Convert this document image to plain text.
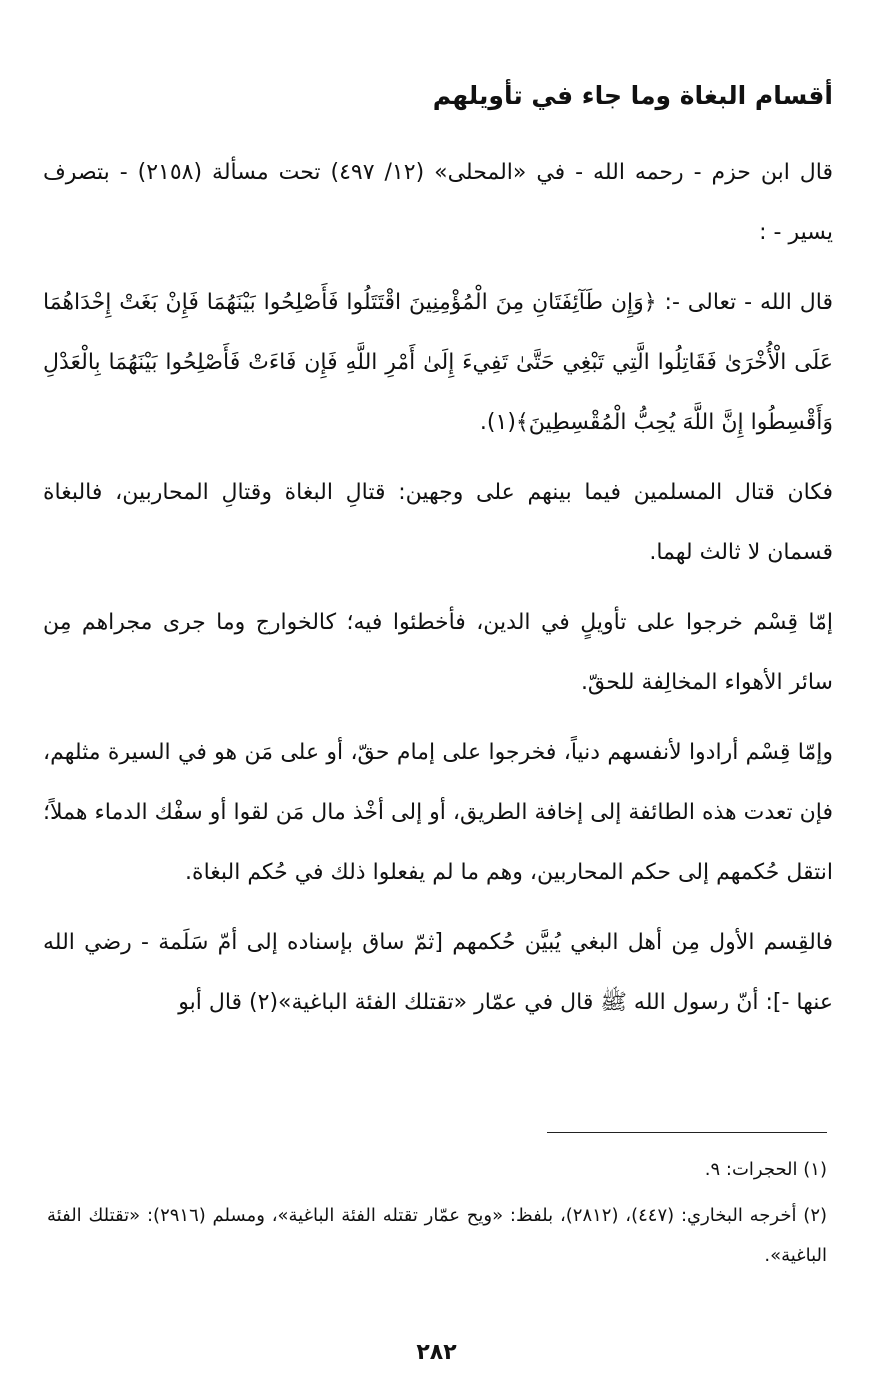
أقسام البغاة وما جاء في تأويلهم

قال ابن حزم - رحمه الله - في «المحلى» (١٢/ ٤٩٧) تحت مسألة (٢١٥٨) - بتصرف يسير - :

قال الله - تعالى -: ﴿وَإِن طَآئِفَتَانِ مِنَ الْمُؤْمِنِينَ اقْتَتَلُوا فَأَصْلِحُوا بَيْنَهُمَا فَإِنْ بَغَتْ إِحْدَاهُمَا عَلَى الْأُخْرَىٰ فَقَاتِلُوا الَّتِي تَبْغِي حَتَّىٰ تَفِيءَ إِلَىٰ أَمْرِ اللَّهِ فَإِن فَاءَتْ فَأَصْلِحُوا بَيْنَهُمَا بِالْعَدْلِ وَأَقْسِطُوا إِنَّ اللَّهَ يُحِبُّ الْمُقْسِطِينَ﴾(١).

فكان قتال المسلمين فيما بينهم على وجهين: قتالِ البغاة وقتالِ المحاربين، فالبغاة قسمان لا ثالث لهما.

إمّا قِسْم خرجوا على تأويلٍ في الدين، فأخطئوا فيه؛ كالخوارج وما جرى مجراهم مِن سائر الأهواء المخالِفة للحقّ.

وإمّا قِسْم أرادوا لأنفسهم دنياً، فخرجوا على إمام حقّ، أو على مَن هو في السيرة مثلهم، فإن تعدت هذه الطائفة إلى إخافة الطريق، أو إلى أخْذ مال مَن لقوا أو سفْك الدماء هملاً؛ انتقل حُكمهم إلى حكم المحاربين، وهم ما لم يفعلوا ذلك في حُكم البغاة.

فالقِسم الأول مِن أهل البغي يُبيَّن حُكمهم [ثمّ ساق بإسناده إلى أمّ سَلَمة - رضي الله عنها -]: أنّ رسول الله ﷺ قال في عمّار «تقتلك الفئة الباغية»(٢) قال أبو

(١) الحجرات: ٩.

(٢) أخرجه البخاري: (٤٤٧)، (٢٨١٢)، بلفظ: «ويح عمّار تقتله الفئة الباغية»، ومسلم (٢٩١٦): «تقتلك الفئة الباغية».

٢٨٢
